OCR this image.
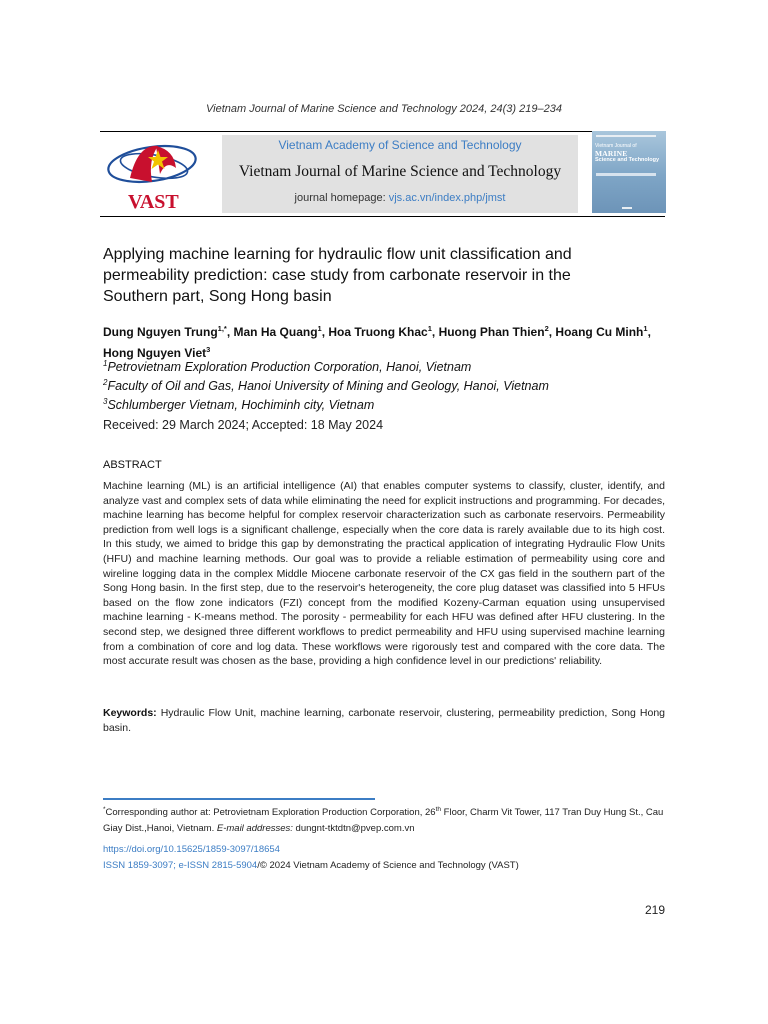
Vietnam Journal of Marine Science and Technology 2024, 24(3) 219–234
VAST
Vietnam Academy of Science and Technology
Vietnam Journal of Marine Science and Technology
journal homepage: vjs.ac.vn/index.php/jmst
Vietnam Journal of
MARINE
Science and Technology
Applying machine learning for hydraulic flow unit classification and permeability prediction: case study from carbonate reservoir in the Southern part, Song Hong basin
Dung Nguyen Trung$^{1,*}$, Man Ha Quang$^1$, Hoa Truong Khac$^1$, Huong Phan Thien$^2$, Hoang Cu Minh$^1$,
Hong Nguyen Viet$^3$
$^1$Petrovietnam Exploration Production Corporation, Hanoi, Vietnam
$^2$Faculty of Oil and Gas, Hanoi University of Mining and Geology, Hanoi, Vietnam
$^3$Schlumberger Vietnam, Hochiminh city, Vietnam
Received: 29 March 2024; Accepted: 18 May 2024
ABSTRACT
Machine learning (ML) is an artificial intelligence (AI) that enables computer systems to classify, cluster, identify, and analyze vast and complex sets of data while eliminating the need for explicit instructions and programming. For decades, machine learning has become helpful for complex reservoir characterization such as carbonate reservoirs. Permeability prediction from well logs is a significant challenge, especially when the core data is rarely available due to its high cost. In this study, we aimed to bridge this gap by demonstrating the practical application of integrating Hydraulic Flow Units (HFU) and machine learning methods. Our goal was to provide a reliable estimation of permeability using core and wireline logging data in the complex Middle Miocene carbonate reservoir of the CX gas field in the southern part of the Song Hong basin. In the first step, due to the reservoir's heterogeneity, the core plug dataset was classified into 5 HFUs based on the flow zone indicators (FZI) concept from the modified Kozeny-Carman equation using unsupervised machine learning - K-means method. The porosity - permeability for each HFU was defined after HFU clustering. In the second step, we designed three different workflows to predict permeability and HFU using supervised machine learning from a combination of core and log data. These workflows were rigorously test and compared with the core data. The most accurate result was chosen as the base, providing a high confidence level in our predictions' reliability.
Keywords: Hydraulic Flow Unit, machine learning, carbonate reservoir, clustering, permeability prediction, Song Hong basin.
*Corresponding author at: Petrovietnam Exploration Production Corporation, 26th Floor, Charm Vit Tower, 117 Tran Duy Hung St., Cau Giay Dist.,Hanoi, Vietnam. E-mail addresses: dungnt-tktdtn@pvep.com.vn
https://doi.org/10.15625/1859-3097/18654
ISSN 1859-3097; e-ISSN 2815-5904/© 2024 Vietnam Academy of Science and Technology (VAST)
219
